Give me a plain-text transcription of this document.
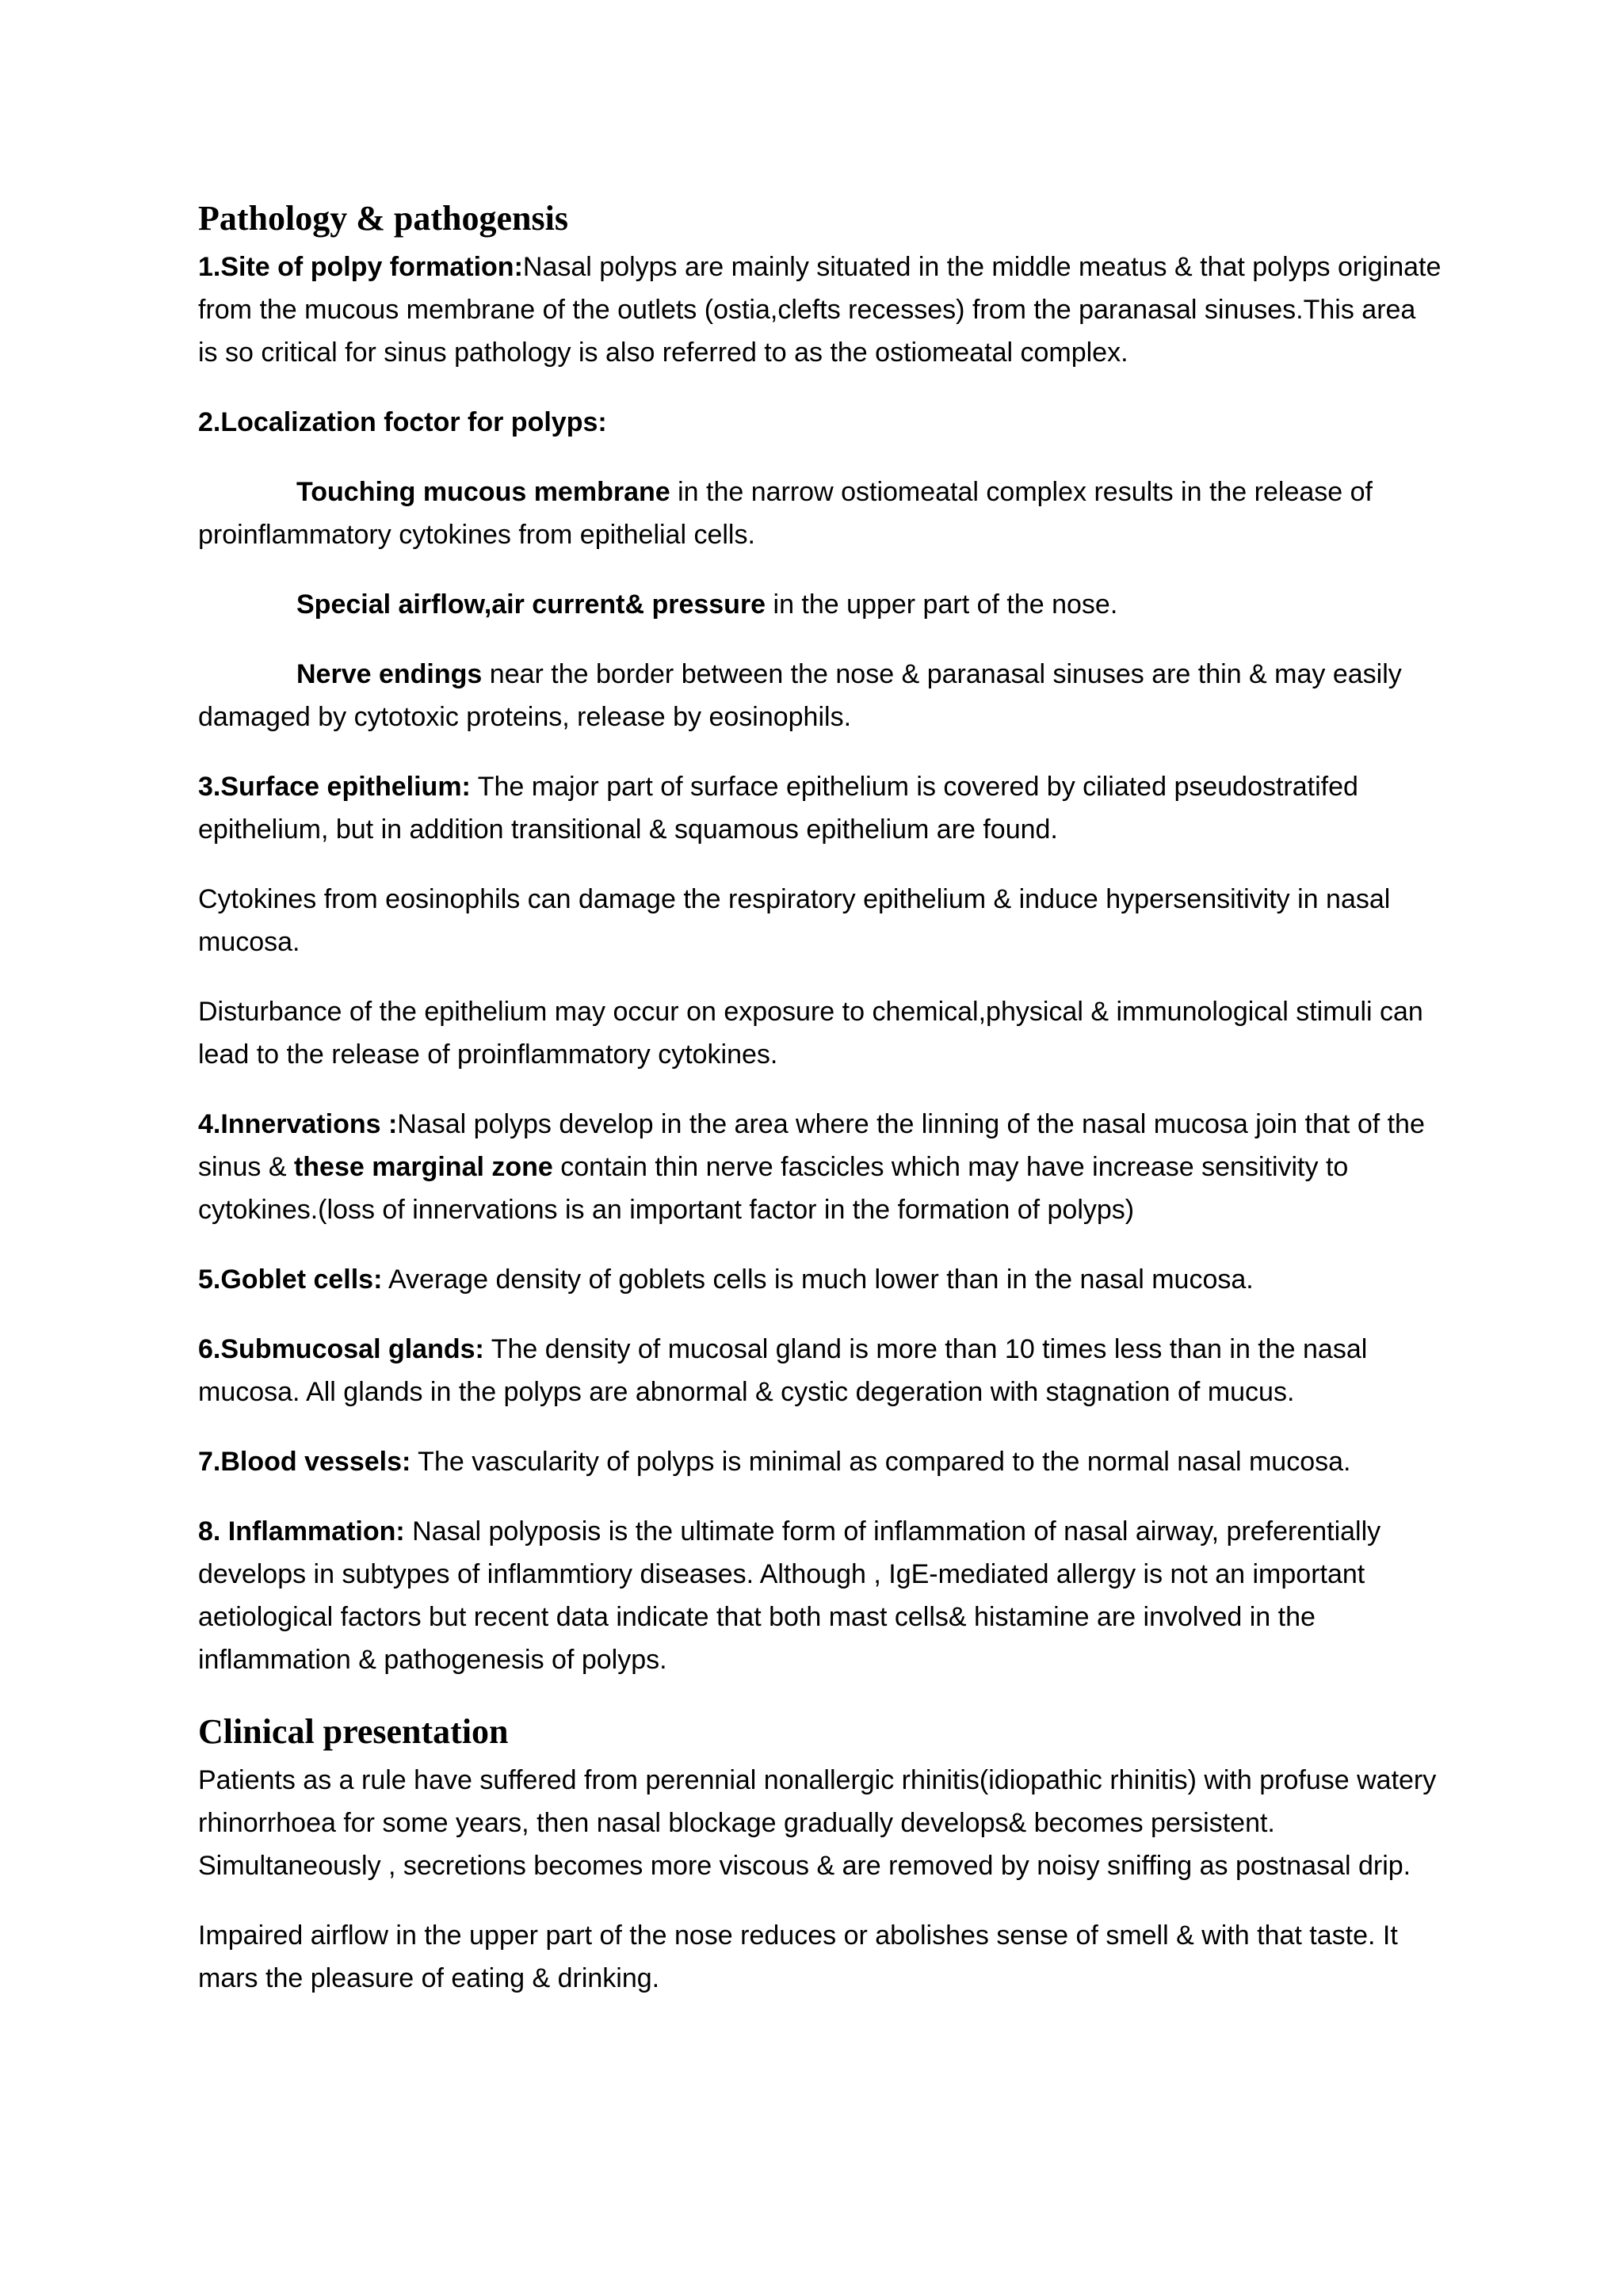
Pathology & pathogensis

1.Site of polpy formation:Nasal polyps are mainly situated in the middle meatus & that polyps originate from the mucous membrane of the outlets (ostia,clefts recesses) from the paranasal sinuses.This area is so critical for sinus pathology is also referred to as the ostiomeatal complex.

2.Localization foctor for polyps:

Touching mucous membrane in the narrow ostiomeatal complex results in the release of proinflammatory cytokines from epithelial cells.

Special airflow,air current& pressure in the upper part of the nose.

Nerve endings near the border between the nose & paranasal sinuses are thin & may easily damaged by cytotoxic proteins, release by eosinophils.

3.Surface epithelium: The major part of surface epithelium is covered by ciliated pseudostratifed epithelium, but in addition transitional & squamous epithelium are found.

Cytokines from eosinophils can damage the respiratory epithelium & induce hypersensitivity in nasal mucosa.

Disturbance of the epithelium may occur on exposure to chemical,physical & immunological stimuli can lead to the release of proinflammatory cytokines.

4.Innervations :Nasal polyps develop in the area where the linning of the nasal mucosa join that of the sinus & these marginal zone contain thin nerve fascicles which may have increase sensitivity to cytokines.(loss of innervations is an important factor in the formation of polyps)

5.Goblet cells: Average density of goblets cells is much lower than in the nasal mucosa.

6.Submucosal glands: The density of mucosal gland is more than 10 times less than in the nasal mucosa. All glands in the polyps are abnormal & cystic degeration with stagnation of mucus.

7.Blood vessels: The vascularity of polyps is minimal as compared to the normal nasal mucosa.

8. Inflammation: Nasal polyposis is the ultimate form of inflammation of nasal airway, preferentially develops in subtypes of inflammtiory diseases. Although , IgE-mediated allergy is not an important aetiological factors but recent data indicate that both mast cells& histamine are involved in the inflammation & pathogenesis of polyps.

Clinical presentation

Patients as a rule have suffered from perennial nonallergic rhinitis(idiopathic rhinitis) with profuse watery rhinorrhoea for some years, then nasal blockage gradually develops& becomes persistent. Simultaneously , secretions becomes more viscous & are removed by noisy sniffing as postnasal drip.

Impaired airflow in the upper part of the nose reduces or abolishes sense of smell & with that taste. It mars the pleasure of eating & drinking.
